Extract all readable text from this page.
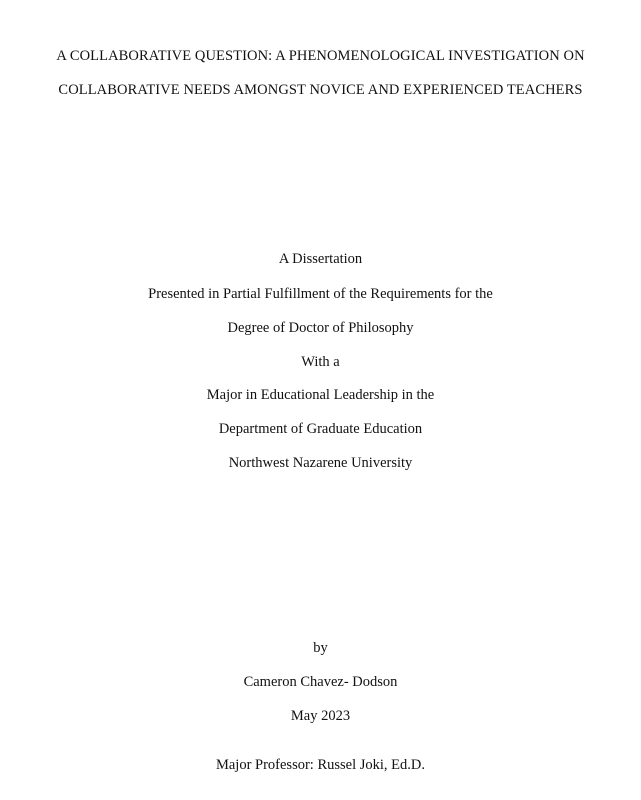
A COLLABORATIVE QUESTION: A PHENOMENOLOGICAL INVESTIGATION ON
COLLABORATIVE NEEDS AMONGST NOVICE AND EXPERIENCED TEACHERS
A Dissertation
Presented in Partial Fulfillment of the Requirements for the
Degree of Doctor of Philosophy
With a
Major in Educational Leadership in the
Department of Graduate Education
Northwest Nazarene University
by
Cameron Chavez- Dodson
May 2023
Major Professor: Russel Joki, Ed.D.
